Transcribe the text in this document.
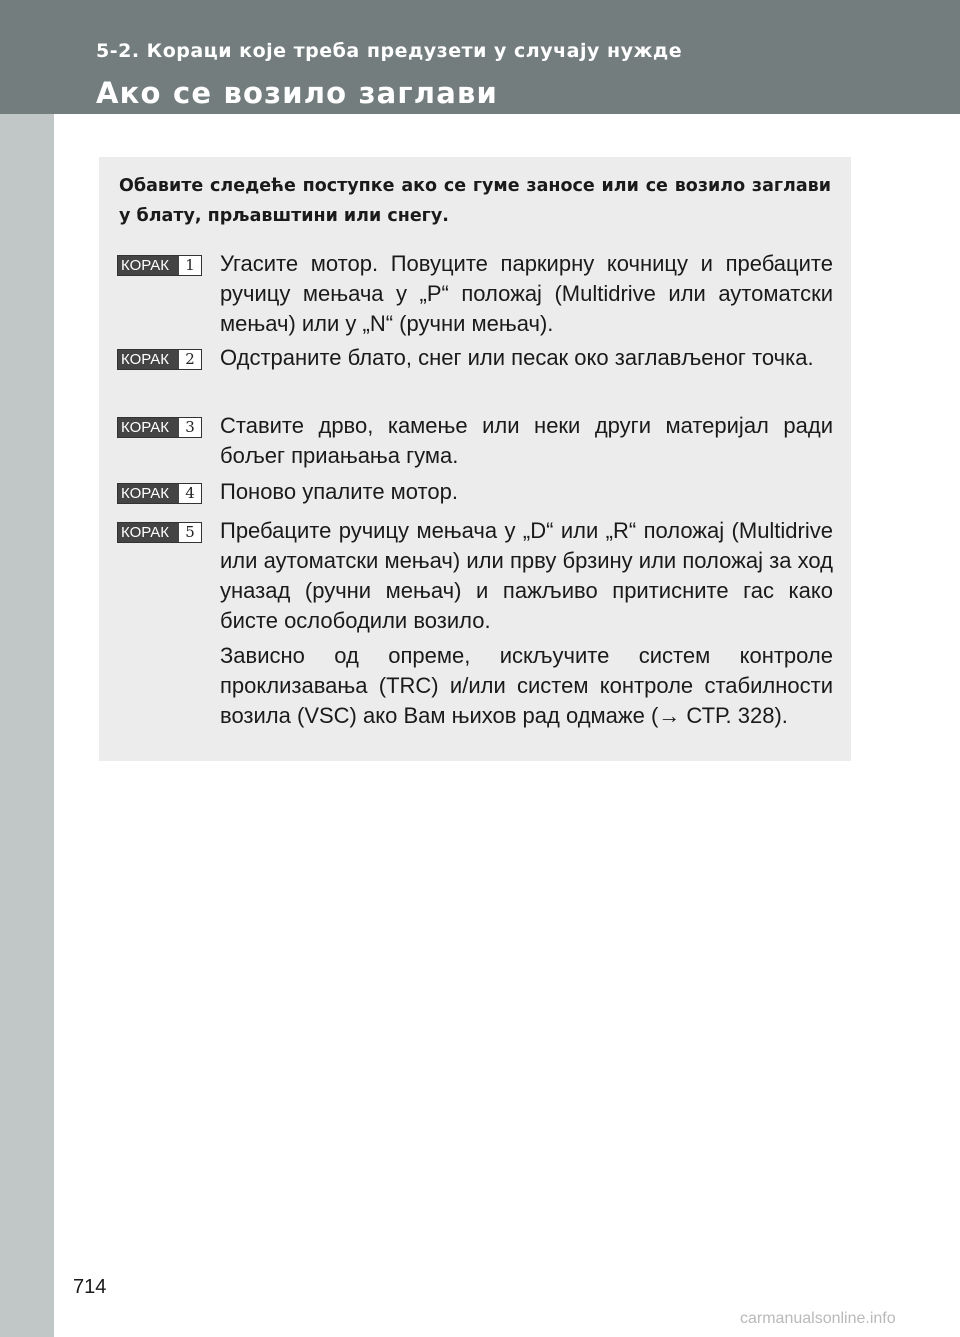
5-2. Кораци које треба предузети у случају нужде
Ако се возило заглави
Обавите следеће поступке ако се гуме заносе или се возило заглави у блату, прљавштини или снегу.
КОРАК	1 Угасите мотор. Повуците паркирну кочницу и пребаците ручицу мењача у „P“ положај (Multidrive или аутоматски мењач) или у „N“ (ручни мењач).
КОРАК	2 Одстраните блато, снег или песак око заглављеног точка.
КОРАК	3 Ставите дрво, камење или неки други материјал ради бољег приањања гума.
КОРАК	4 Поново упалите мотор.
КОРАК	5 Пребаците ручицу мењача у „D“ или „R“ положај (Multidrive или аутоматски мењач) или прву брзину или положај за ход уназад (ручни мењач) и пажљиво притисните гас како бисте ослободили возило.
Зависно од опреме, искључите систем контроле проклизавања (TRC) и/или систем контроле стабилности возила (VSC) ако Вам њихов рад одмаже (→ СТР. 328).
714
carmanualsonline.info
